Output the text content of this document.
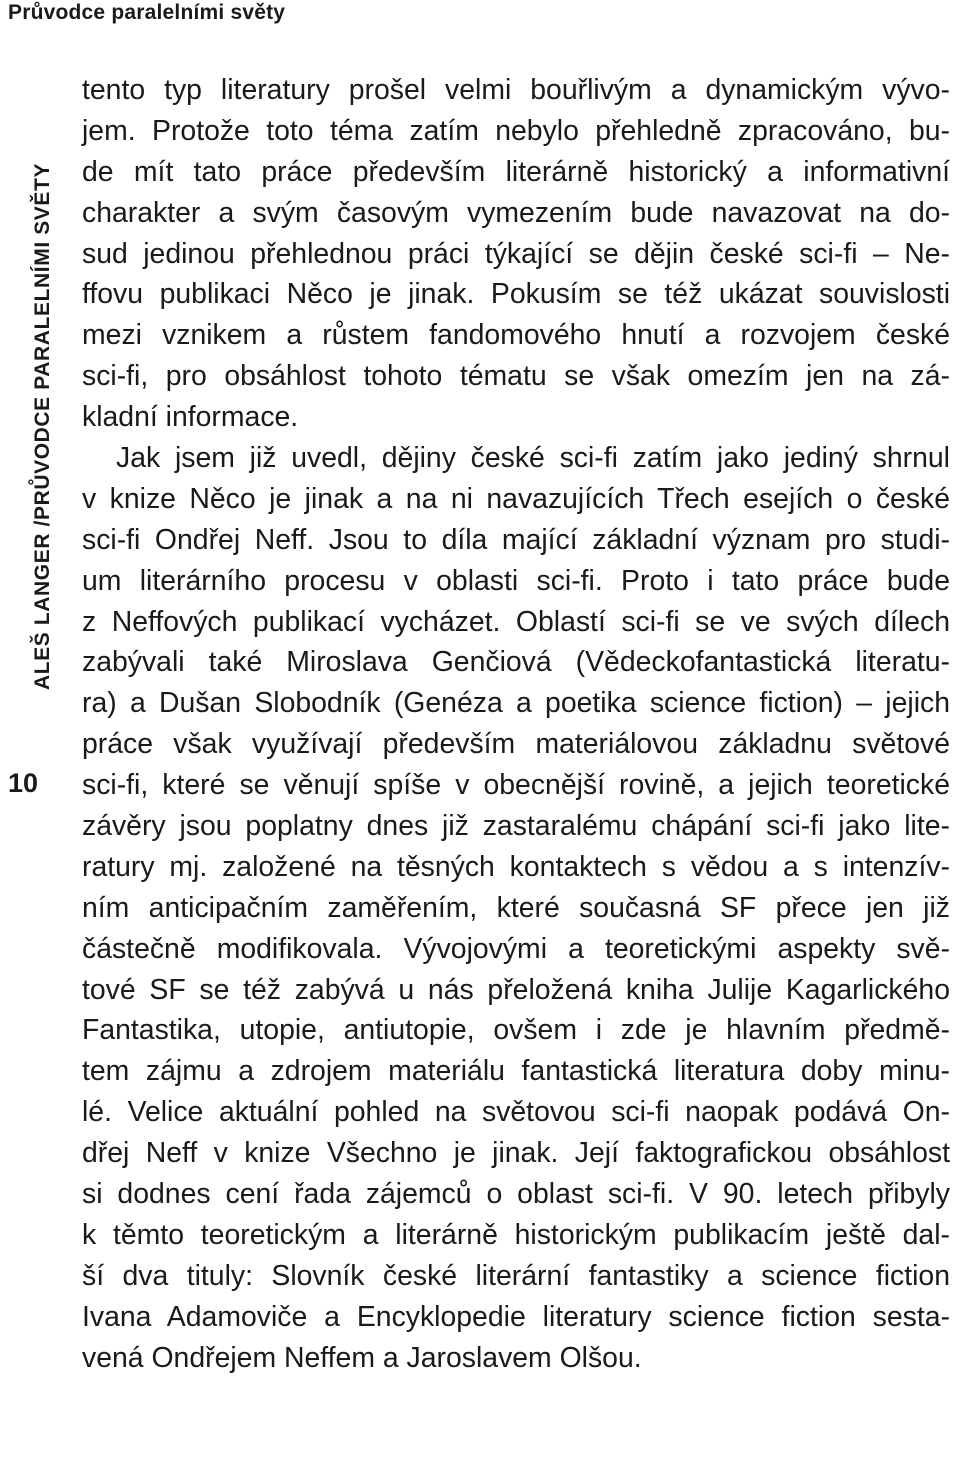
Průvodce paralelními světy
ALEŠ LANGER /PRŮVODCE PARALELNÍMI SVĚTY
10
tento typ literatury prošel velmi bouřlivým a dynamickým vývo-
jem. Protože toto téma zatím nebylo přehledně zpracováno, bu-
de mít tato práce především literárně historický a informativní
charakter a svým časovým vymezením bude navazovat na do-
sud jedinou přehlednou práci týkající se dějin české sci-fi – Ne-
ffovu publikaci Něco je jinak. Pokusím se též ukázat souvislosti
mezi vznikem a růstem fandomového hnutí a rozvojem české
sci-fi, pro obsáhlost tohoto tématu se však omezím jen na zá-
kladní informace.
Jak jsem již uvedl, dějiny české sci-fi zatím jako jediný shrnul
v knize Něco je jinak a na ni navazujících Třech esejích o české
sci-fi Ondřej Neff. Jsou to díla mající základní význam pro studi-
um literárního procesu v oblasti sci-fi. Proto i tato práce bude
z Neffových publikací vycházet. Oblastí sci-fi se ve svých dílech
zabývali také Miroslava Genčiová (Vědeckofantastická literatu-
ra) a Dušan Slobodník (Genéza a poetika science fiction) – jejich
práce však využívají především materiálovou základnu světové
sci-fi, které se věnují spíše v obecnější rovině, a jejich teoretické
závěry jsou poplatny dnes již zastaralému chápání sci-fi jako lite-
ratury mj. založené na těsných kontaktech s vědou a s intenzív-
ním anticipačním zaměřením, které současná SF přece jen již
částečně modifikovala. Vývojovými a teoretickými aspekty svě-
tové SF se též zabývá u nás přeložená kniha Julije Kagarlického
Fantastika, utopie, antiutopie, ovšem i zde je hlavním předmě-
tem zájmu a zdrojem materiálu fantastická literatura doby minu-
lé. Velice aktuální pohled na světovou sci-fi naopak podává On-
dřej Neff v knize Všechno je jinak. Její faktografickou obsáhlost
si dodnes cení řada zájemců o oblast sci-fi. V 90. letech přibyly
k těmto teoretickým a literárně historickým publikacím ještě dal-
ší dva tituly: Slovník české literární fantastiky a science fiction
Ivana Adamoviče a Encyklopedie literatury science fiction sesta-
vená Ondřejem Neffem a Jaroslavem Olšou.
